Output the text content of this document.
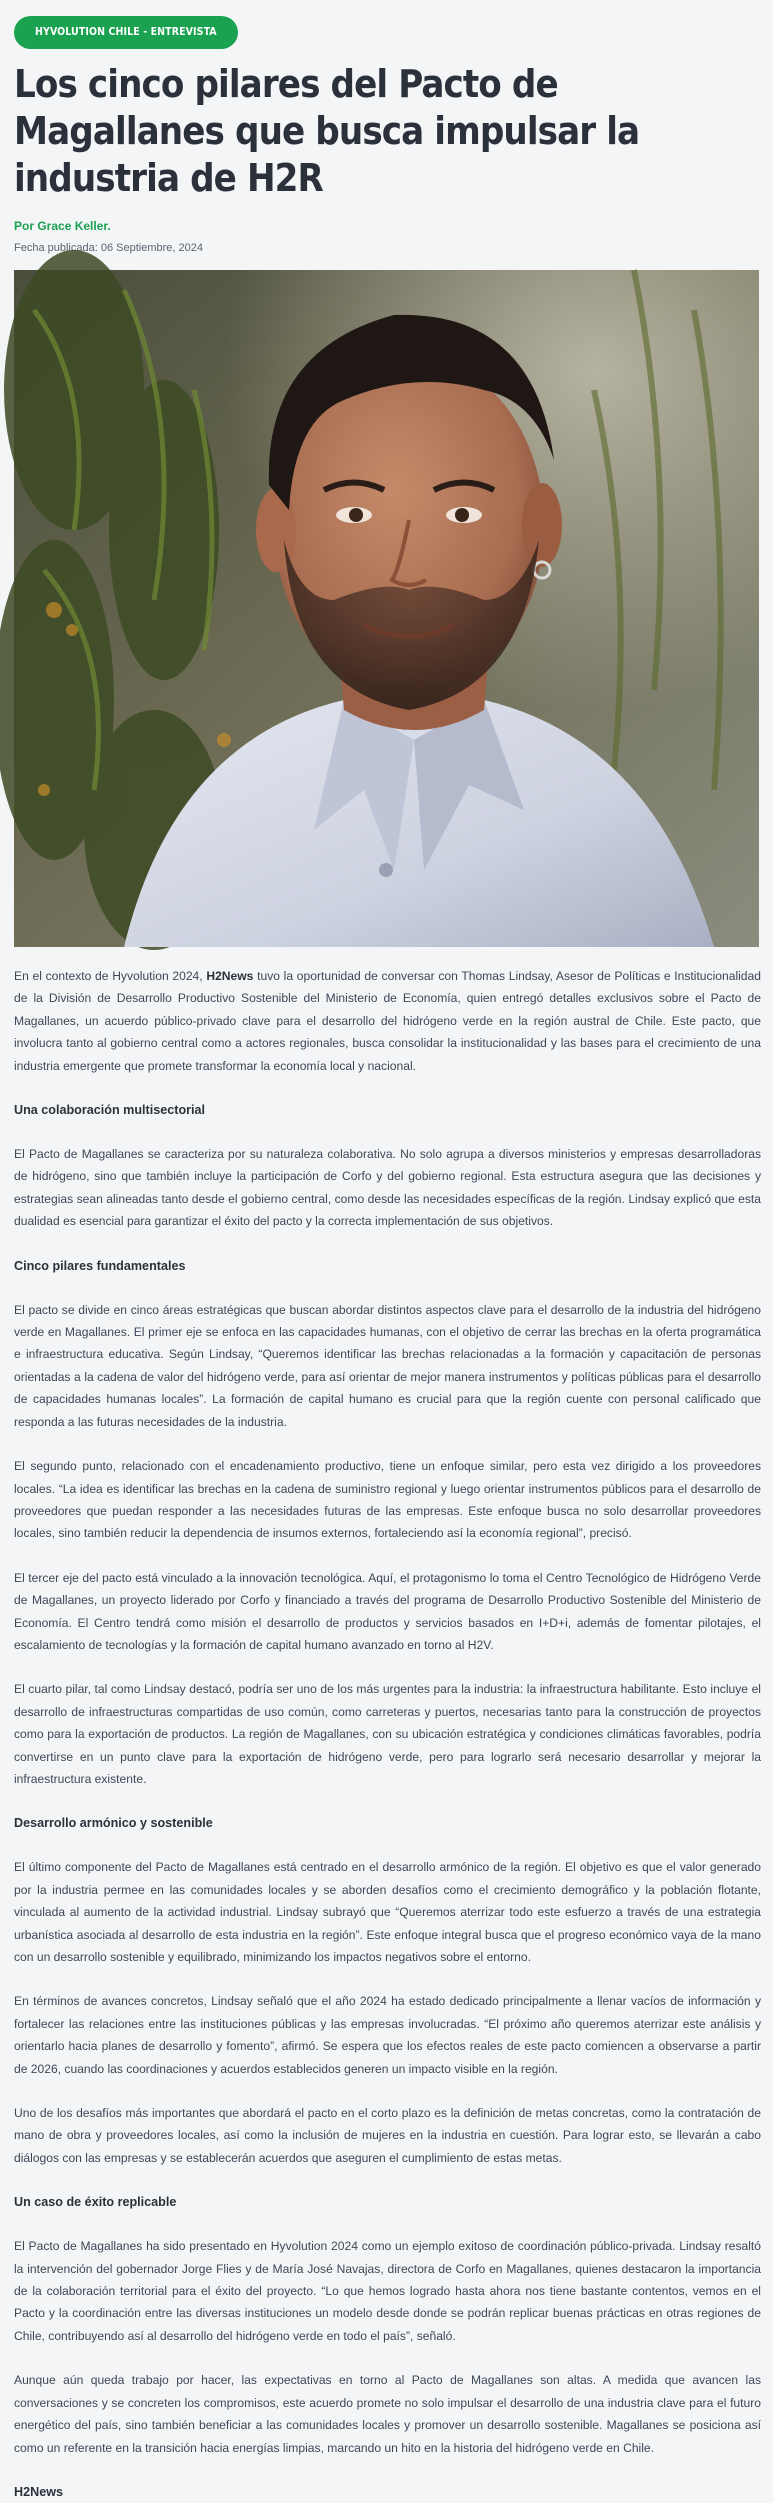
HYVOLUTION CHILE - ENTREVISTA
Los cinco pilares del Pacto de Magallanes que busca impulsar la industria de H2R
Por Grace Keller.
Fecha publicada: 06 Septiembre, 2024

En el contexto de Hyvolution 2024, H2News tuvo la oportunidad de conversar con Thomas Lindsay, Asesor de Políticas e Institucionalidad de la División de Desarrollo Productivo Sostenible del Ministerio de Economía, quien entregó detalles exclusivos sobre el Pacto de Magallanes, un acuerdo público-privado clave para el desarrollo del hidrógeno verde en la región austral de Chile. Este pacto, que involucra tanto al gobierno central como a actores regionales, busca consolidar la institucionalidad y las bases para el crecimiento de una industria emergente que promete transformar la economía local y nacional.

Una colaboración multisectorial

El Pacto de Magallanes se caracteriza por su naturaleza colaborativa. No solo agrupa a diversos ministerios y empresas desarrolladoras de hidrógeno, sino que también incluye la participación de Corfo y del gobierno regional. Esta estructura asegura que las decisiones y estrategias sean alineadas tanto desde el gobierno central, como desde las necesidades específicas de la región. Lindsay explicó que esta dualidad es esencial para garantizar el éxito del pacto y la correcta implementación de sus objetivos.

Cinco pilares fundamentales

El pacto se divide en cinco áreas estratégicas que buscan abordar distintos aspectos clave para el desarrollo de la industria del hidrógeno verde en Magallanes. El primer eje se enfoca en las capacidades humanas, con el objetivo de cerrar las brechas en la oferta programática e infraestructura educativa. Según Lindsay, “Queremos identificar las brechas relacionadas a la formación y capacitación de personas orientadas a la cadena de valor del hidrógeno verde, para así orientar de mejor manera instrumentos y políticas públicas para el desarrollo de capacidades humanas locales”. La formación de capital humano es crucial para que la región cuente con personal calificado que responda a las futuras necesidades de la industria.

El segundo punto, relacionado con el encadenamiento productivo, tiene un enfoque similar, pero esta vez dirigido a los proveedores locales. “La idea es identificar las brechas en la cadena de suministro regional y luego orientar instrumentos públicos para el desarrollo de proveedores que puedan responder a las necesidades futuras de las empresas. Este enfoque busca no solo desarrollar proveedores locales, sino también reducir la dependencia de insumos externos, fortaleciendo así la economía regional”, precisó.

El tercer eje del pacto está vinculado a la innovación tecnológica. Aquí, el protagonismo lo toma el Centro Tecnológico de Hidrógeno Verde de Magallanes, un proyecto liderado por Corfo y financiado a través del programa de Desarrollo Productivo Sostenible del Ministerio de Economía. El Centro tendrá como misión el desarrollo de productos y servicios basados en I+D+i, además de fomentar pilotajes, el escalamiento de tecnologías y la formación de capital humano avanzado en torno al H2V.

El cuarto pilar, tal como Lindsay destacó, podría ser uno de los más urgentes para la industria: la infraestructura habilitante. Esto incluye el desarrollo de infraestructuras compartidas de uso común, como carreteras y puertos, necesarias tanto para la construcción de proyectos como para la exportación de productos. La región de Magallanes, con su ubicación estratégica y condiciones climáticas favorables, podría convertirse en un punto clave para la exportación de hidrógeno verde, pero para lograrlo será necesario desarrollar y mejorar la infraestructura existente.

Desarrollo armónico y sostenible

El último componente del Pacto de Magallanes está centrado en el desarrollo armónico de la región. El objetivo es que el valor generado por la industria permee en las comunidades locales y se aborden desafíos como el crecimiento demográfico y la población flotante, vinculada al aumento de la actividad industrial. Lindsay subrayó que “Queremos aterrizar todo este esfuerzo a través de una estrategia urbanística asociada al desarrollo de esta industria en la región”. Este enfoque integral busca que el progreso económico vaya de la mano con un desarrollo sostenible y equilibrado, minimizando los impactos negativos sobre el entorno.

En términos de avances concretos, Lindsay señaló que el año 2024 ha estado dedicado principalmente a llenar vacíos de información y fortalecer las relaciones entre las instituciones públicas y las empresas involucradas. “El próximo año queremos aterrizar este análisis y orientarlo hacia planes de desarrollo y fomento”, afirmó. Se espera que los efectos reales de este pacto comiencen a observarse a partir de 2026, cuando las coordinaciones y acuerdos establecidos generen un impacto visible en la región.

Uno de los desafíos más importantes que abordará el pacto en el corto plazo es la definición de metas concretas, como la contratación de mano de obra y proveedores locales, así como la inclusión de mujeres en la industria en cuestión. Para lograr esto, se llevarán a cabo diálogos con las empresas y se establecerán acuerdos que aseguren el cumplimiento de estas metas.

Un caso de éxito replicable

El Pacto de Magallanes ha sido presentado en Hyvolution 2024 como un ejemplo exitoso de coordinación público-privada. Lindsay resaltó la intervención del gobernador Jorge Flies y de María José Navajas, directora de Corfo en Magallanes, quienes destacaron la importancia de la colaboración territorial para el éxito del proyecto. “Lo que hemos logrado hasta ahora nos tiene bastante contentos, vemos en el Pacto y la coordinación entre las diversas instituciones un modelo desde donde se podrán replicar buenas prácticas en otras regiones de Chile, contribuyendo así al desarrollo del hidrógeno verde en todo el país”, señaló.

Aunque aún queda trabajo por hacer, las expectativas en torno al Pacto de Magallanes son altas. A medida que avancen las conversaciones y se concreten los compromisos, este acuerdo promete no solo impulsar el desarrollo de una industria clave para el futuro energético del país, sino también beneficiar a las comunidades locales y promover un desarrollo sostenible. Magallanes se posiciona así como un referente en la transición hacia energías limpias, marcando un hito en la historia del hidrógeno verde en Chile.

H2News
